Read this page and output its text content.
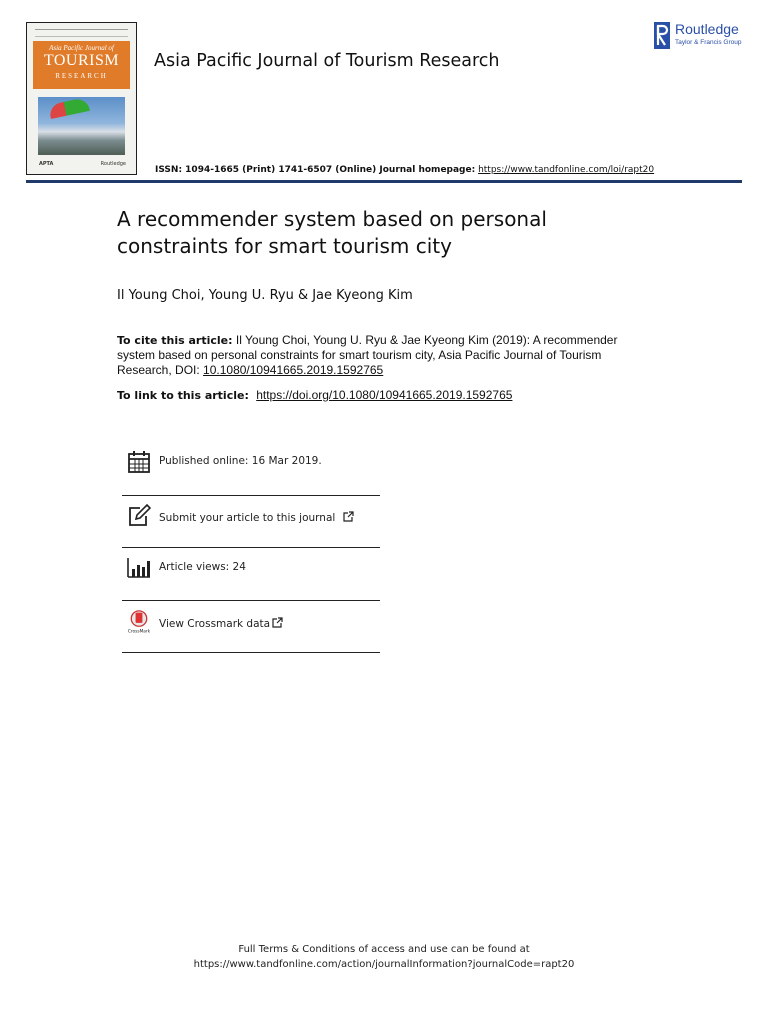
Asia Pacific Journal of
TOURISM
RESEARCH
APTA	Routledge
Asia Pacific Journal of Tourism Research
Routledge
Taylor & Francis Group
ISSN: 1094-1665 (Print) 1741-6507 (Online) Journal homepage: https://www.tandfonline.com/loi/rapt20
A recommender system based on personal constraints for smart tourism city
Il Young Choi, Young U. Ryu & Jae Kyeong Kim
To cite this article: Il Young Choi, Young U. Ryu & Jae Kyeong Kim (2019): A recommender system based on personal constraints for smart tourism city, Asia Pacific Journal of Tourism Research, DOI: 10.1080/10941665.2019.1592765
To link to this article: https://doi.org/10.1080/10941665.2019.1592765
Published online: 16 Mar 2019.
Submit your article to this journal
Article views: 24
CrossMark
View Crossmark data
Full Terms & Conditions of access and use can be found at
https://www.tandfonline.com/action/journalInformation?journalCode=rapt20
